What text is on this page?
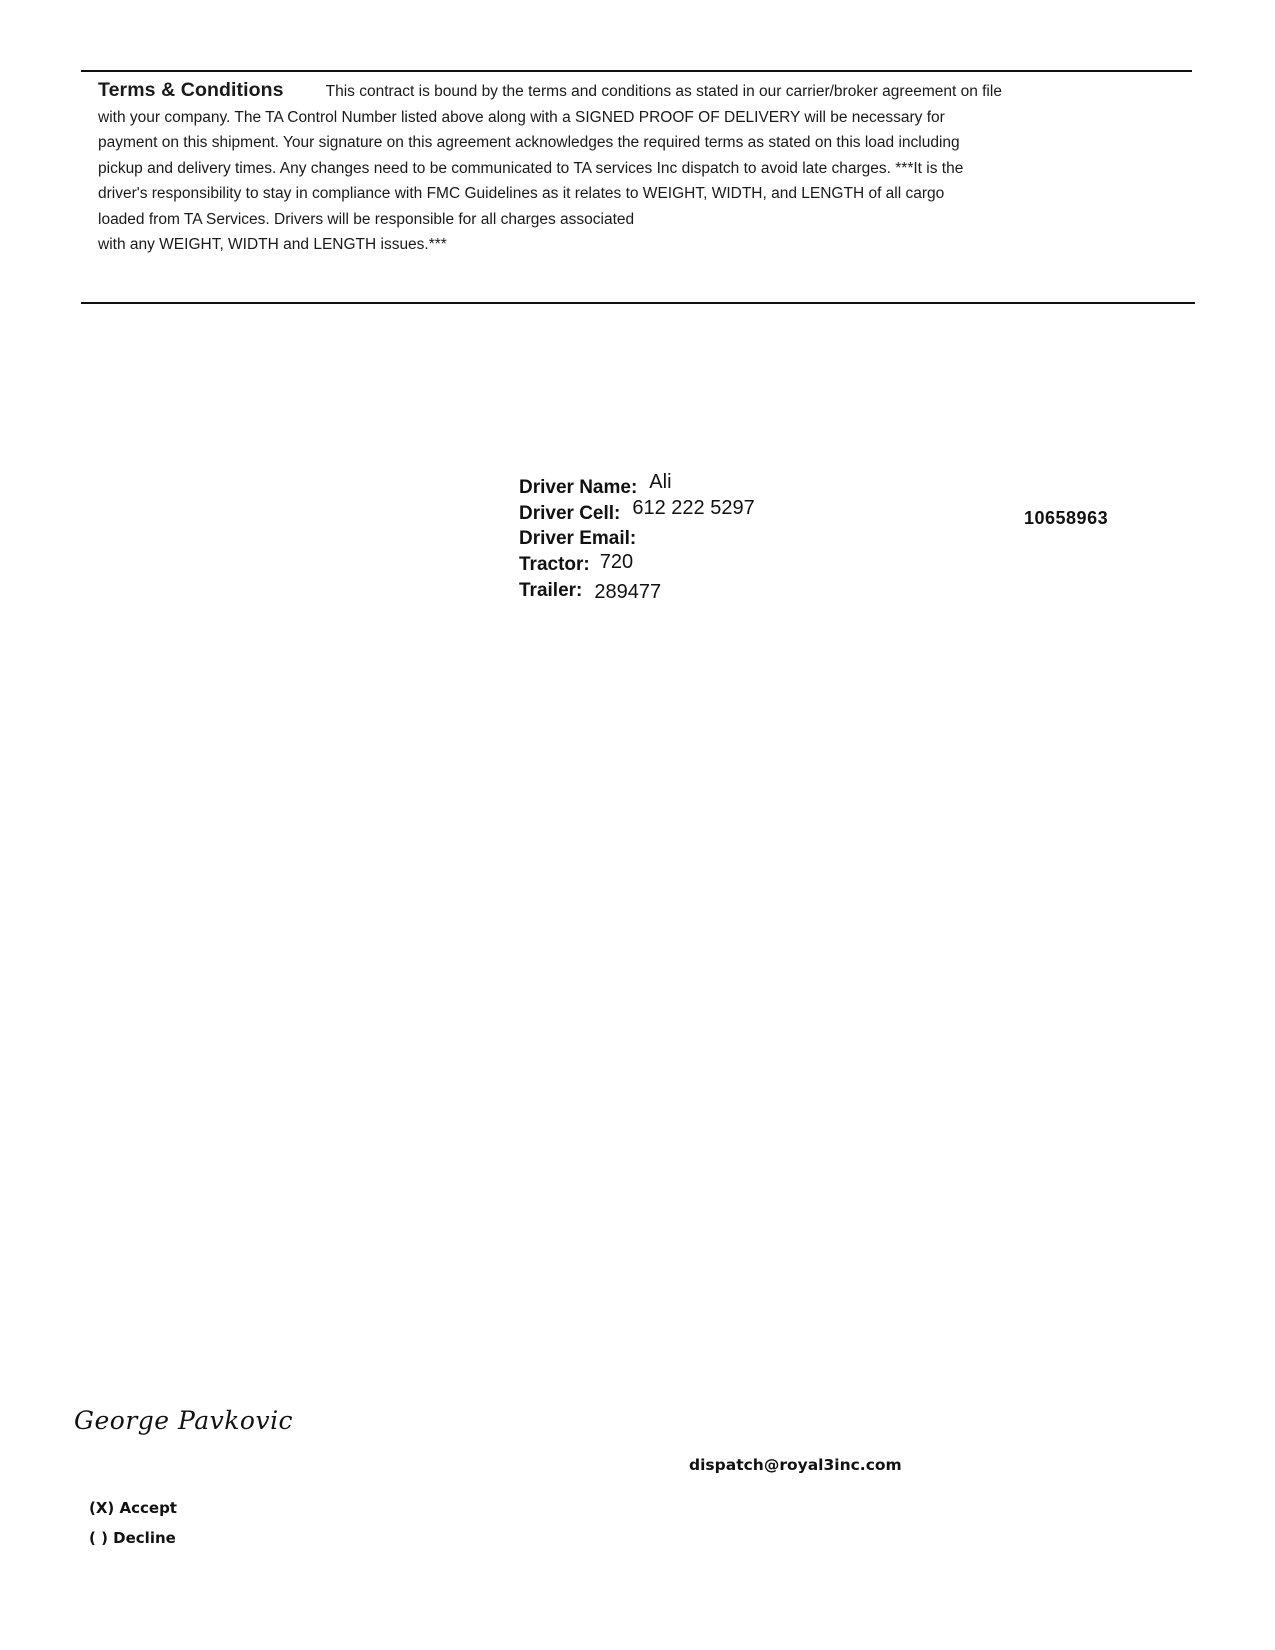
Terms & Conditions	This contract is bound by the terms and conditions as stated in our carrier/broker agreement on file
with your company. The TA Control Number listed above along with a SIGNED PROOF OF DELIVERY will be necessary for
payment on this shipment. Your signature on this agreement acknowledges the required terms as stated on this load including
pickup and delivery times. Any changes need to be communicated to TA services Inc dispatch to avoid late charges. ***It is the
driver's responsibility to stay in compliance with FMC Guidelines as it relates to WEIGHT, WIDTH, and LENGTH of all cargo
loaded from TA Services. Drivers will be responsible for all charges associated
with any WEIGHT, WIDTH and LENGTH issues.***
Driver Name: Ali
Driver Cell: 612 222 5297
Driver Email:
Tractor: 720
Trailer: 289477
10658963
George Pavkovic
dispatch@royal3inc.com
(X) Accept
( ) Decline
